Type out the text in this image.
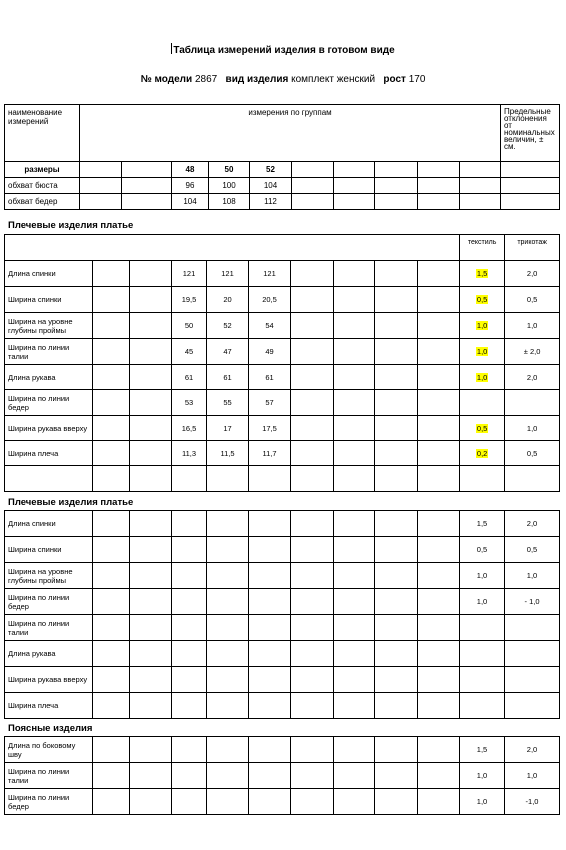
Таблица измерений изделия в готовом виде
№ модели 2867 вид изделия комплект женский рост 170
наименование измерений	измерения по группам										Предельные отклонения от номинальных величин, ± см.
размеры			48	50	52						
обхват бюста			96	100	104						
обхват бедер			104	108	112						
Плечевые изделия платье
										текстиль	трикотаж
Длина спинки			121	121	121					1,5	2,0
Ширина спинки			19,5	20	20,5					0,5	0,5
Ширина на уровне глубины проймы			50	52	54					1,0	1,0
Ширина по линии талии			45	47	49					1,0	± 2,0
Длина рукава			61	61	61					1,0	2,0
Ширина по линии бедер			53	55	57						
Ширина рукава вверху			16,5	17	17,5					0,5	1,0
Ширина плеча			11,3	11,5	11,7					0,2	0,5

Плечевые изделия платье
Длина спинки										1,5	2,0
Ширина спинки										0,5	0,5
Ширина на уровне глубины проймы										1,0	1,0
Ширина по линии бедер										1,0	- 1,0
Ширина по линии талии											
Длина рукава											
Ширина рукава вверху											
Ширина плеча											
Поясные изделия
Длина по боковому шву										1,5	2,0
Ширина по линии талии										1,0	1,0
Ширина по линии бедер										1,0	-1,0
